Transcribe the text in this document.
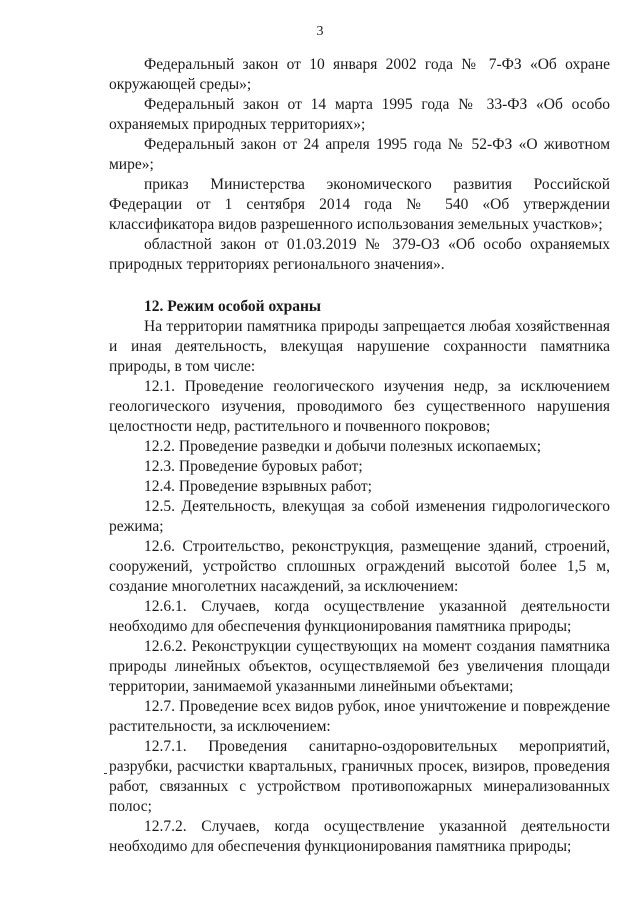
3

Федеральный закон от 10 января 2002 года № 7-ФЗ «Об охране окружающей среды»;

Федеральный закон от 14 марта 1995 года № 33-ФЗ «Об особо охраняемых природных территориях»;

Федеральный закон от 24 апреля 1995 года № 52-ФЗ «О животном мире»;

приказ Министерства экономического развития Российской Федерации от 1 сентября 2014 года № 540 «Об утверждении классификатора видов разрешенного использования земельных участков»;

областной закон от 01.03.2019 № 379-ОЗ «Об особо охраняемых природных территориях регионального значения».

12. Режим особой охраны

На территории памятника природы запрещается любая хозяйственная и иная деятельность, влекущая нарушение сохранности памятника природы, в том числе:

12.1. Проведение геологического изучения недр, за исключением геологического изучения, проводимого без существенного нарушения целостности недр, растительного и почвенного покровов;

12.2. Проведение разведки и добычи полезных ископаемых;

12.3. Проведение буровых работ;

12.4. Проведение взрывных работ;

12.5. Деятельность, влекущая за собой изменения гидрологического режима;

12.6. Строительство, реконструкция, размещение зданий, строений, сооружений, устройство сплошных ограждений высотой более 1,5 м, создание многолетних насаждений, за исключением:

12.6.1. Случаев, когда осуществление указанной деятельности необходимо для обеспечения функционирования памятника природы;

12.6.2. Реконструкции существующих на момент создания памятника природы линейных объектов, осуществляемой без увеличения площади территории, занимаемой указанными линейными объектами;

12.7. Проведение всех видов рубок, иное уничтожение и повреждение растительности, за исключением:

12.7.1. Проведения санитарно-оздоровительных мероприятий, разрубки, расчистки квартальных, граничных просек, визиров, проведения работ, связанных с устройством противопожарных минерализованных полос;

12.7.2. Случаев, когда осуществление указанной деятельности необходимо для обеспечения функционирования памятника природы;
